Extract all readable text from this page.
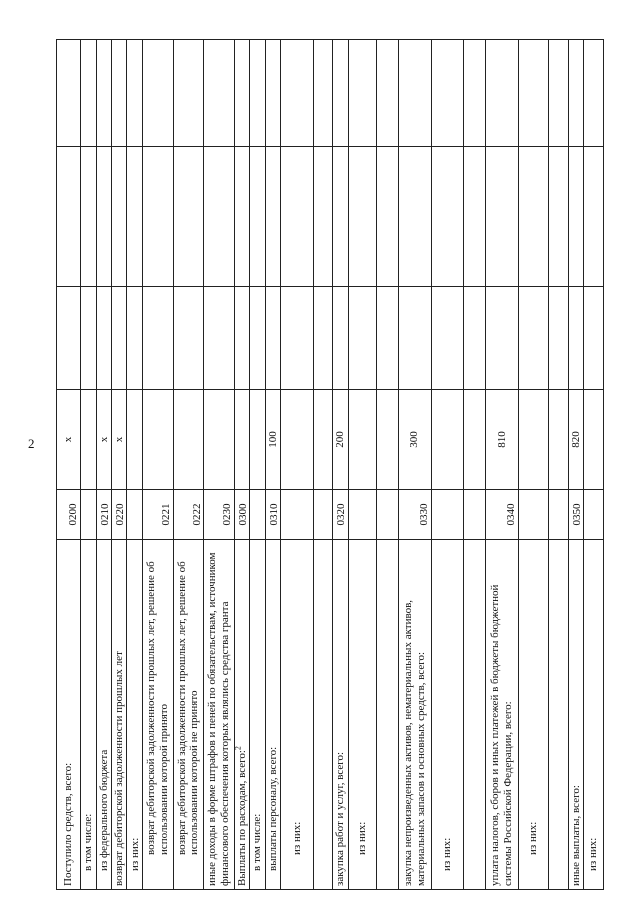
2
Поступило средств, всего:	0200	x			
в том числе:					
из федерального бюджета	0210	x			
возврат дебиторской задолженности прошлых лет	0220	x			
из них:					
возврат дебиторской задолженности прошлых лет, решение об использовании которой принято	0221				
возврат дебиторской задолженности прошлых лет, решение об использовании которой не принято	0222				
иные доходы в форме штрафов и пеней по обязательствам, источником финансового обеспечения которых являлись средства гранта	0230				
Выплаты по расходам, всего:$^2$	0300				
в том числе:					
выплаты персоналу, всего:	0310	100			
из них:					

закупка работ и услуг, всего:	0320	200			
из них:					

закупка непроизведенных активов, нематериальных активов, материальных запасов и основных средств, всего:	0330	300			
из них:					

уплата налогов, сборов и иных платежей в бюджеты бюджетной системы Российской Федерации, всего:	0340	810			
из них:					

иные выплаты, всего:	0350	820			
из них:					
